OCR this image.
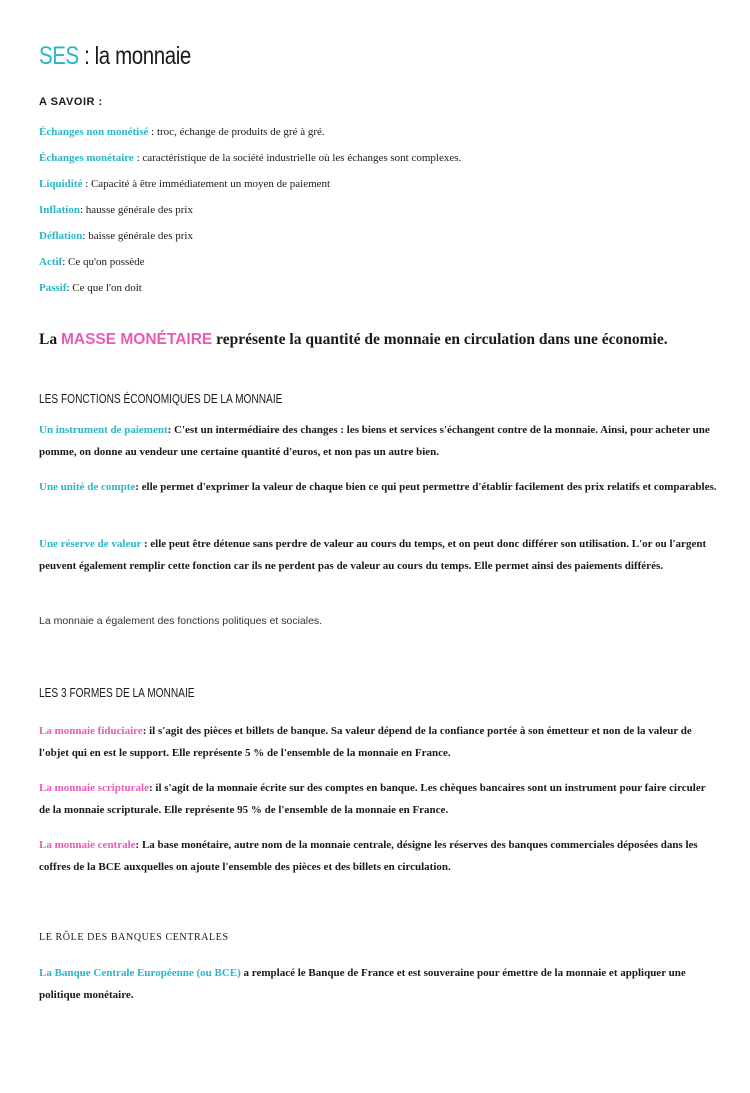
SES : la monnaie
A SAVOIR :
Échanges non monétisé : troc, échange de produits de gré à gré.
Échanges monétaire : caractéristique de la société industrielle où les échanges sont complexes.
Liquidité : Capacité à être immédiatement un moyen de paiement
Inflation: hausse générale des prix
Déflation: baisse générale des prix
Actif: Ce qu'on possède
Passif: Ce que l'on doit
La MASSE MONÉTAIRE représente la quantité de monnaie en circulation dans une économie.
LES FONCTIONS ÉCONOMIQUES DE LA MONNAIE
Un instrument de paiement: C'est un intermédiaire des changes : les biens et services s'échangent contre de la monnaie. Ainsi, pour acheter une pomme, on donne au vendeur une certaine quantité d'euros, et non pas un autre bien.
Une unité de compte: elle permet d'exprimer la valeur de chaque bien ce qui peut permettre d'établir facilement des prix relatifs et comparables.
Une réserve de valeur : elle peut être détenue sans perdre de valeur au cours du temps, et on peut donc différer son utilisation. L'or ou l'argent peuvent également remplir cette fonction car ils ne perdent pas de valeur au cours du temps. Elle permet ainsi des paiements différés.
La monnaie a également des fonctions politiques et sociales.
LES 3 FORMES DE LA MONNAIE
La monnaie fiduciaire: il s'agit des pièces et billets de banque. Sa valeur dépend de la confiance portée à son émetteur et non de la valeur de l'objet qui en est le support. Elle représente 5 % de l'ensemble de la monnaie en France.
La monnaie scripturale: il s'agit de la monnaie écrite sur des comptes en banque. Les chèques bancaires sont un instrument pour faire circuler de la monnaie scripturale. Elle représente 95 % de l'ensemble de la monnaie en France.
La monnaie centrale: La base monétaire, autre nom de la monnaie centrale, désigne les réserves des banques commerciales déposées dans les coffres de la BCE auxquelles on ajoute l'ensemble des pièces et des billets en circulation.
LE RÔLE DES BANQUES CENTRALES
La Banque Centrale Européenne (ou BCE) a remplacé le Banque de France et est souveraine pour émettre de la monnaie et appliquer une politique monétaire.
